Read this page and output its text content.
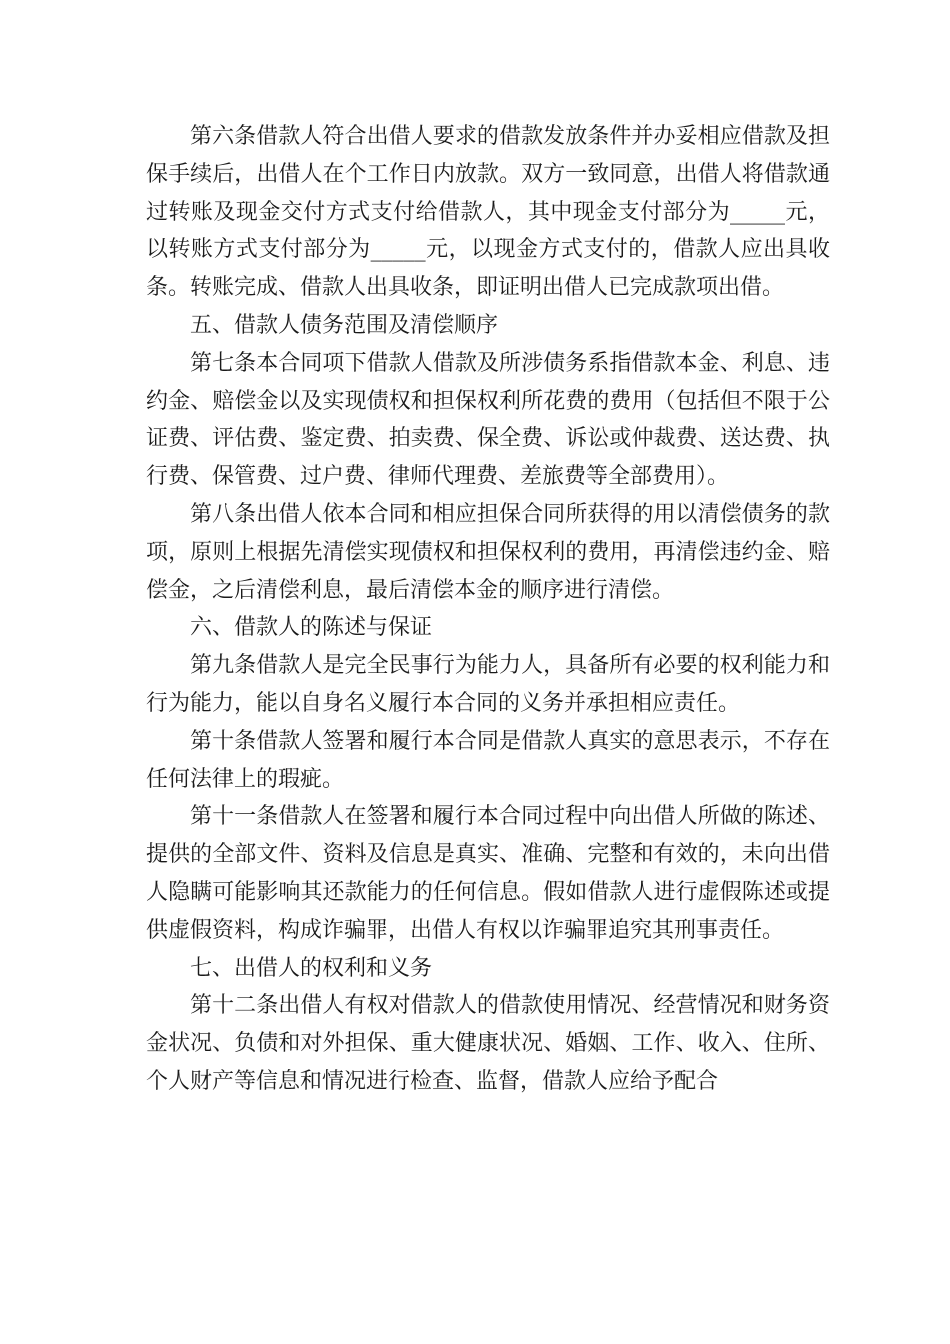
第六条借款人符合出借人要求的借款发放条件并办妥相应借款及担保手续后，出借人在个工作日内放款。双方一致同意，出借人将借款通过转账及现金交付方式支付给借款人，其中现金支付部分为_____元，以转账方式支付部分为_____元，以现金方式支付的，借款人应出具收条。转账完成、借款人出具收条，即证明出借人已完成款项出借。

五、借款人债务范围及清偿顺序

第七条本合同项下借款人借款及所涉债务系指借款本金、利息、违约金、赔偿金以及实现债权和担保权利所花费的费用（包括但不限于公证费、评估费、鉴定费、拍卖费、保全费、诉讼或仲裁费、送达费、执行费、保管费、过户费、律师代理费、差旅费等全部费用）。

第八条出借人依本合同和相应担保合同所获得的用以清偿债务的款项，原则上根据先清偿实现债权和担保权利的费用，再清偿违约金、赔偿金，之后清偿利息，最后清偿本金的顺序进行清偿。

六、借款人的陈述与保证

第九条借款人是完全民事行为能力人，具备所有必要的权利能力和行为能力，能以自身名义履行本合同的义务并承担相应责任。

第十条借款人签署和履行本合同是借款人真实的意思表示，不存在任何法律上的瑕疵。

第十一条借款人在签署和履行本合同过程中向出借人所做的陈述、提供的全部文件、资料及信息是真实、准确、完整和有效的，未向出借人隐瞒可能影响其还款能力的任何信息。假如借款人进行虚假陈述或提供虚假资料，构成诈骗罪，出借人有权以诈骗罪追究其刑事责任。

七、出借人的权利和义务

第十二条出借人有权对借款人的借款使用情况、经营情况和财务资金状况、负债和对外担保、重大健康状况、婚姻、工作、收入、住所、个人财产等信息和情况进行检查、监督，借款人应给予配合
